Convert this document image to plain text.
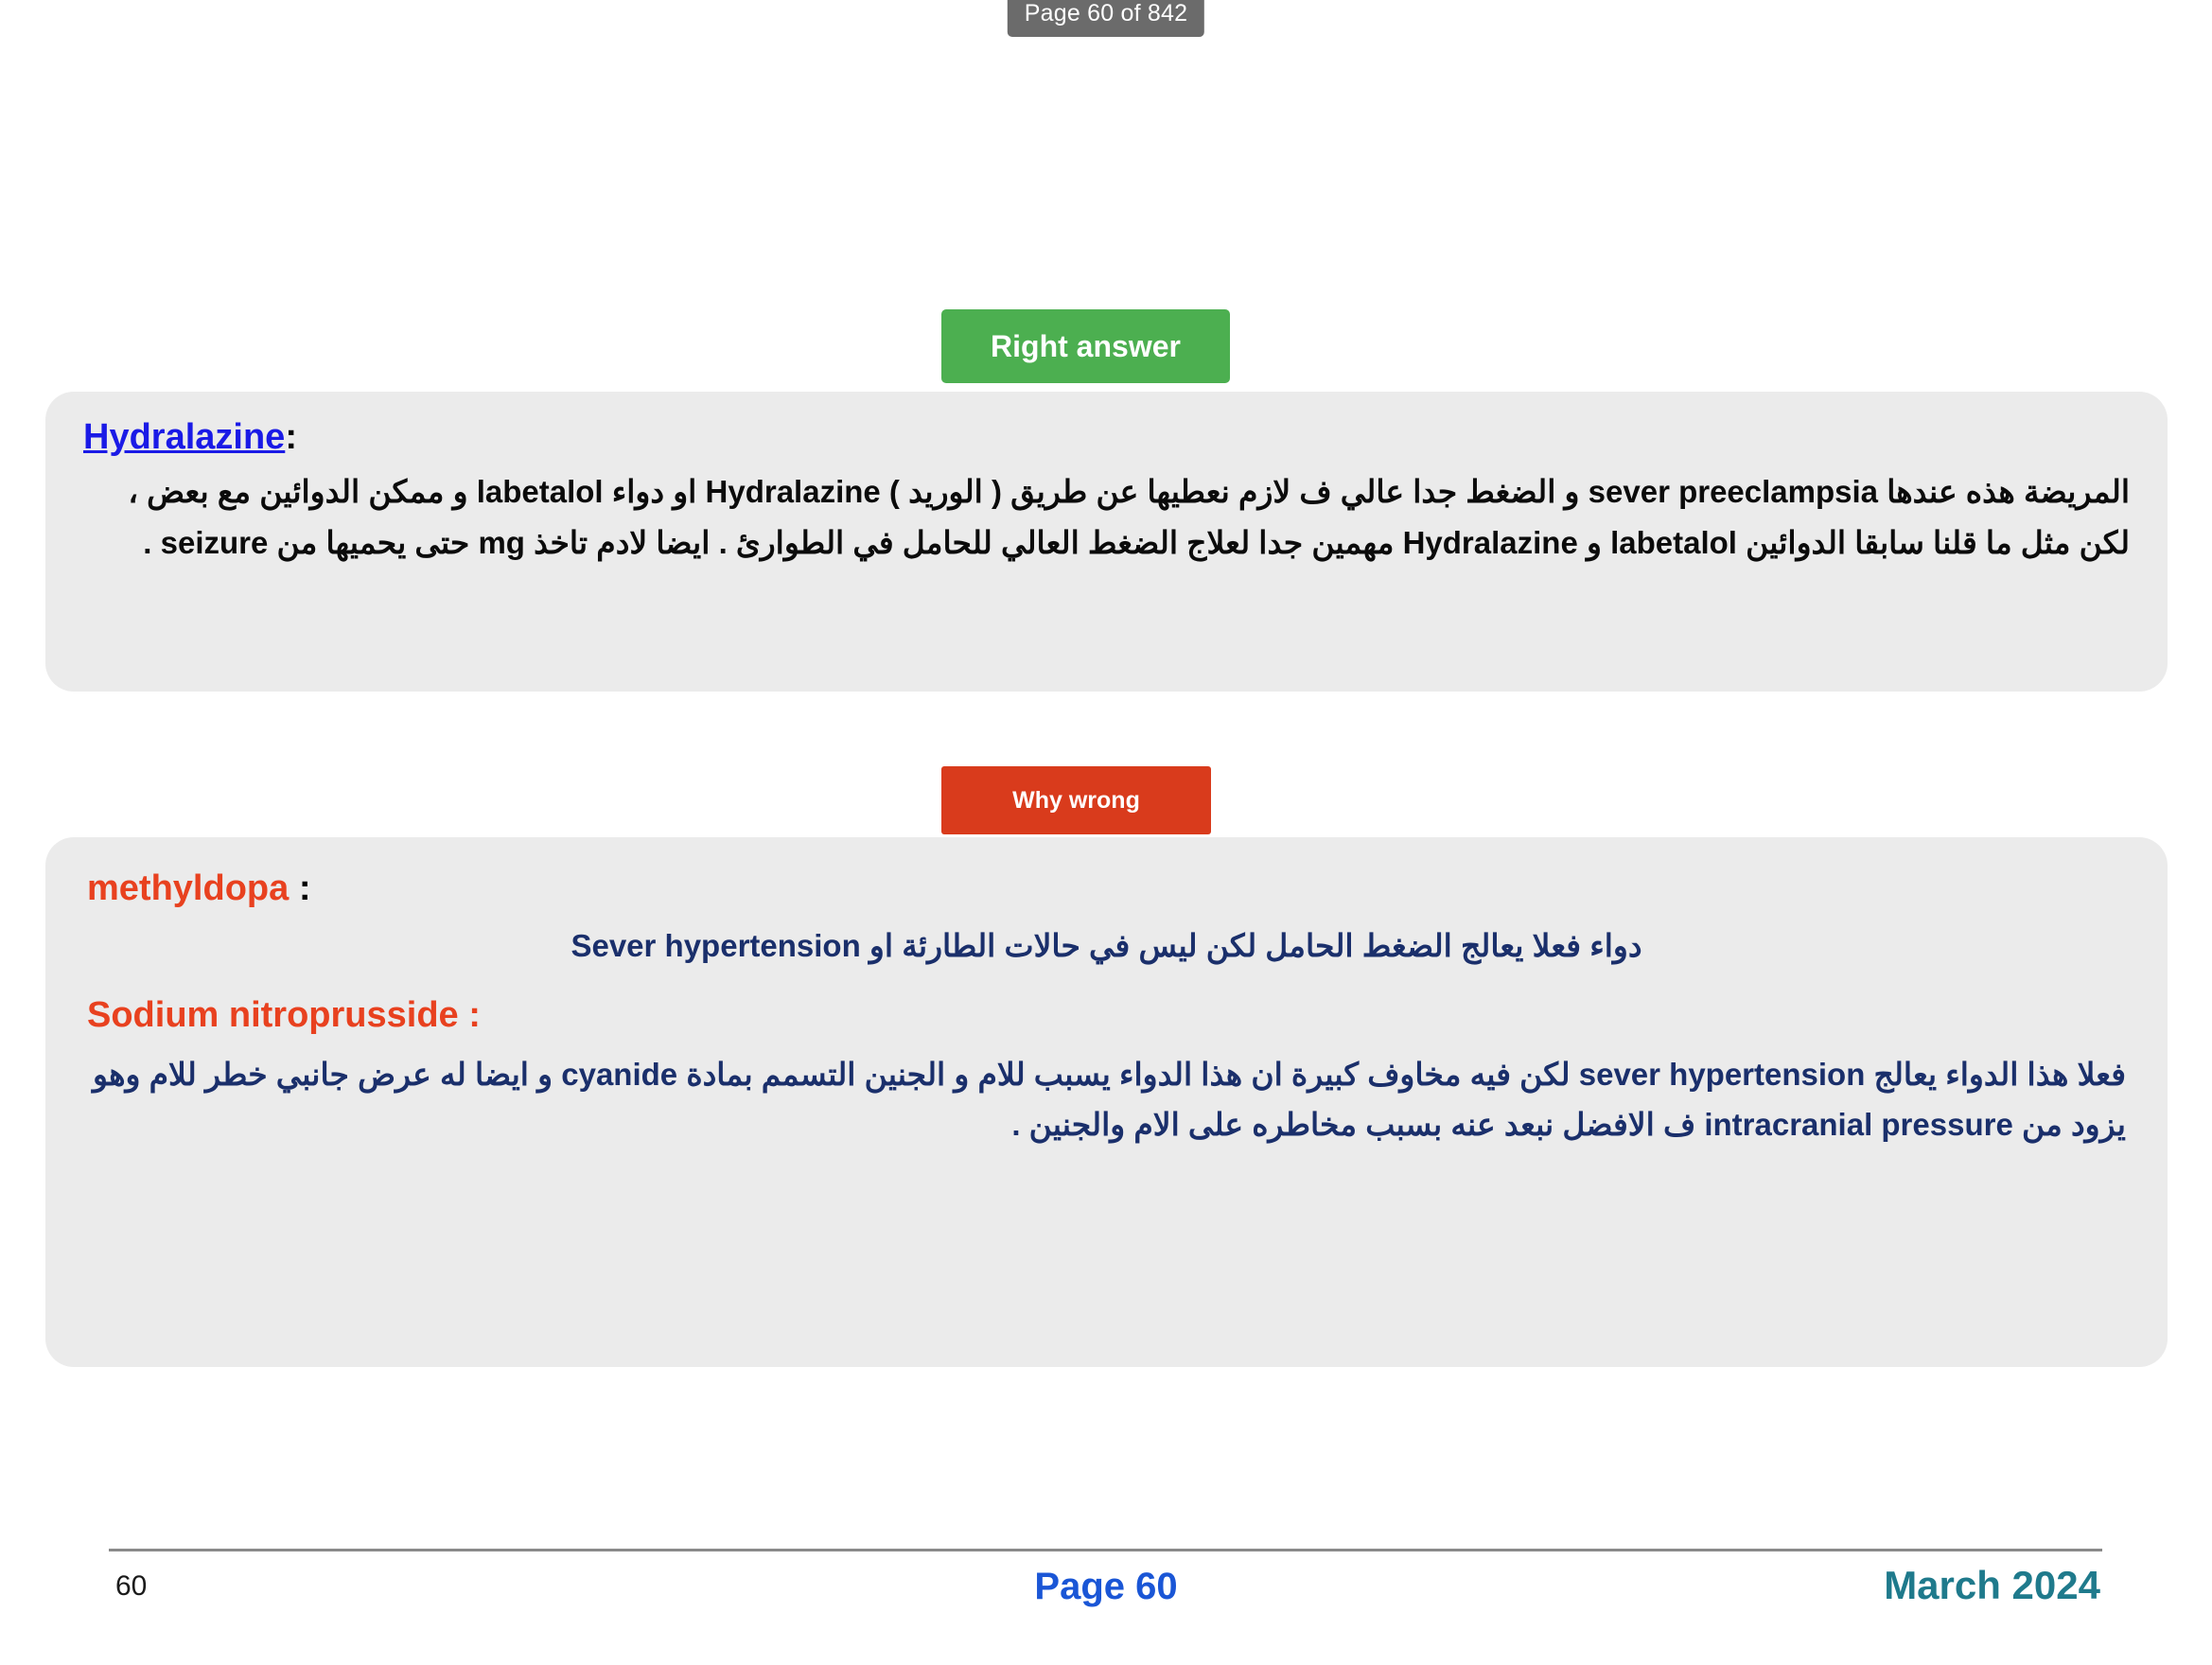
Page 60 of 842
Right answer
Hydralazine:
المريضة هذه عندها sever preeclampsia و الضغط جدا عالي ف لازم نعطيها عن طريق ( الوريد ) Hydralazine او دواء labetalol و ممكن الدوائين مع بعض ، لكن مثل ما قلنا سابقا الدوائين labetalol و Hydralazine مهمين جدا لعلاج الضغط العالي للحامل في الطوارئ . ايضا لادم تاخذ mg حتى يحميها من seizure .
Why wrong
methyldopa :
دواء فعلا يعالج الضغط الحامل لكن ليس في حالات الطارئة او Sever hypertension
Sodium nitroprusside :
فعلا هذا الدواء يعالج sever hypertension لكن فيه مخاوف كبيرة ان هذا الدواء يسبب للام و الجنين التسمم بمادة cyanide و ايضا له عرض جانبي خطر للام وهو يزود من intracranial pressure ف الافضل نبعد عنه بسبب مخاطره على الام والجنين .
60	Page 60	March 2024
